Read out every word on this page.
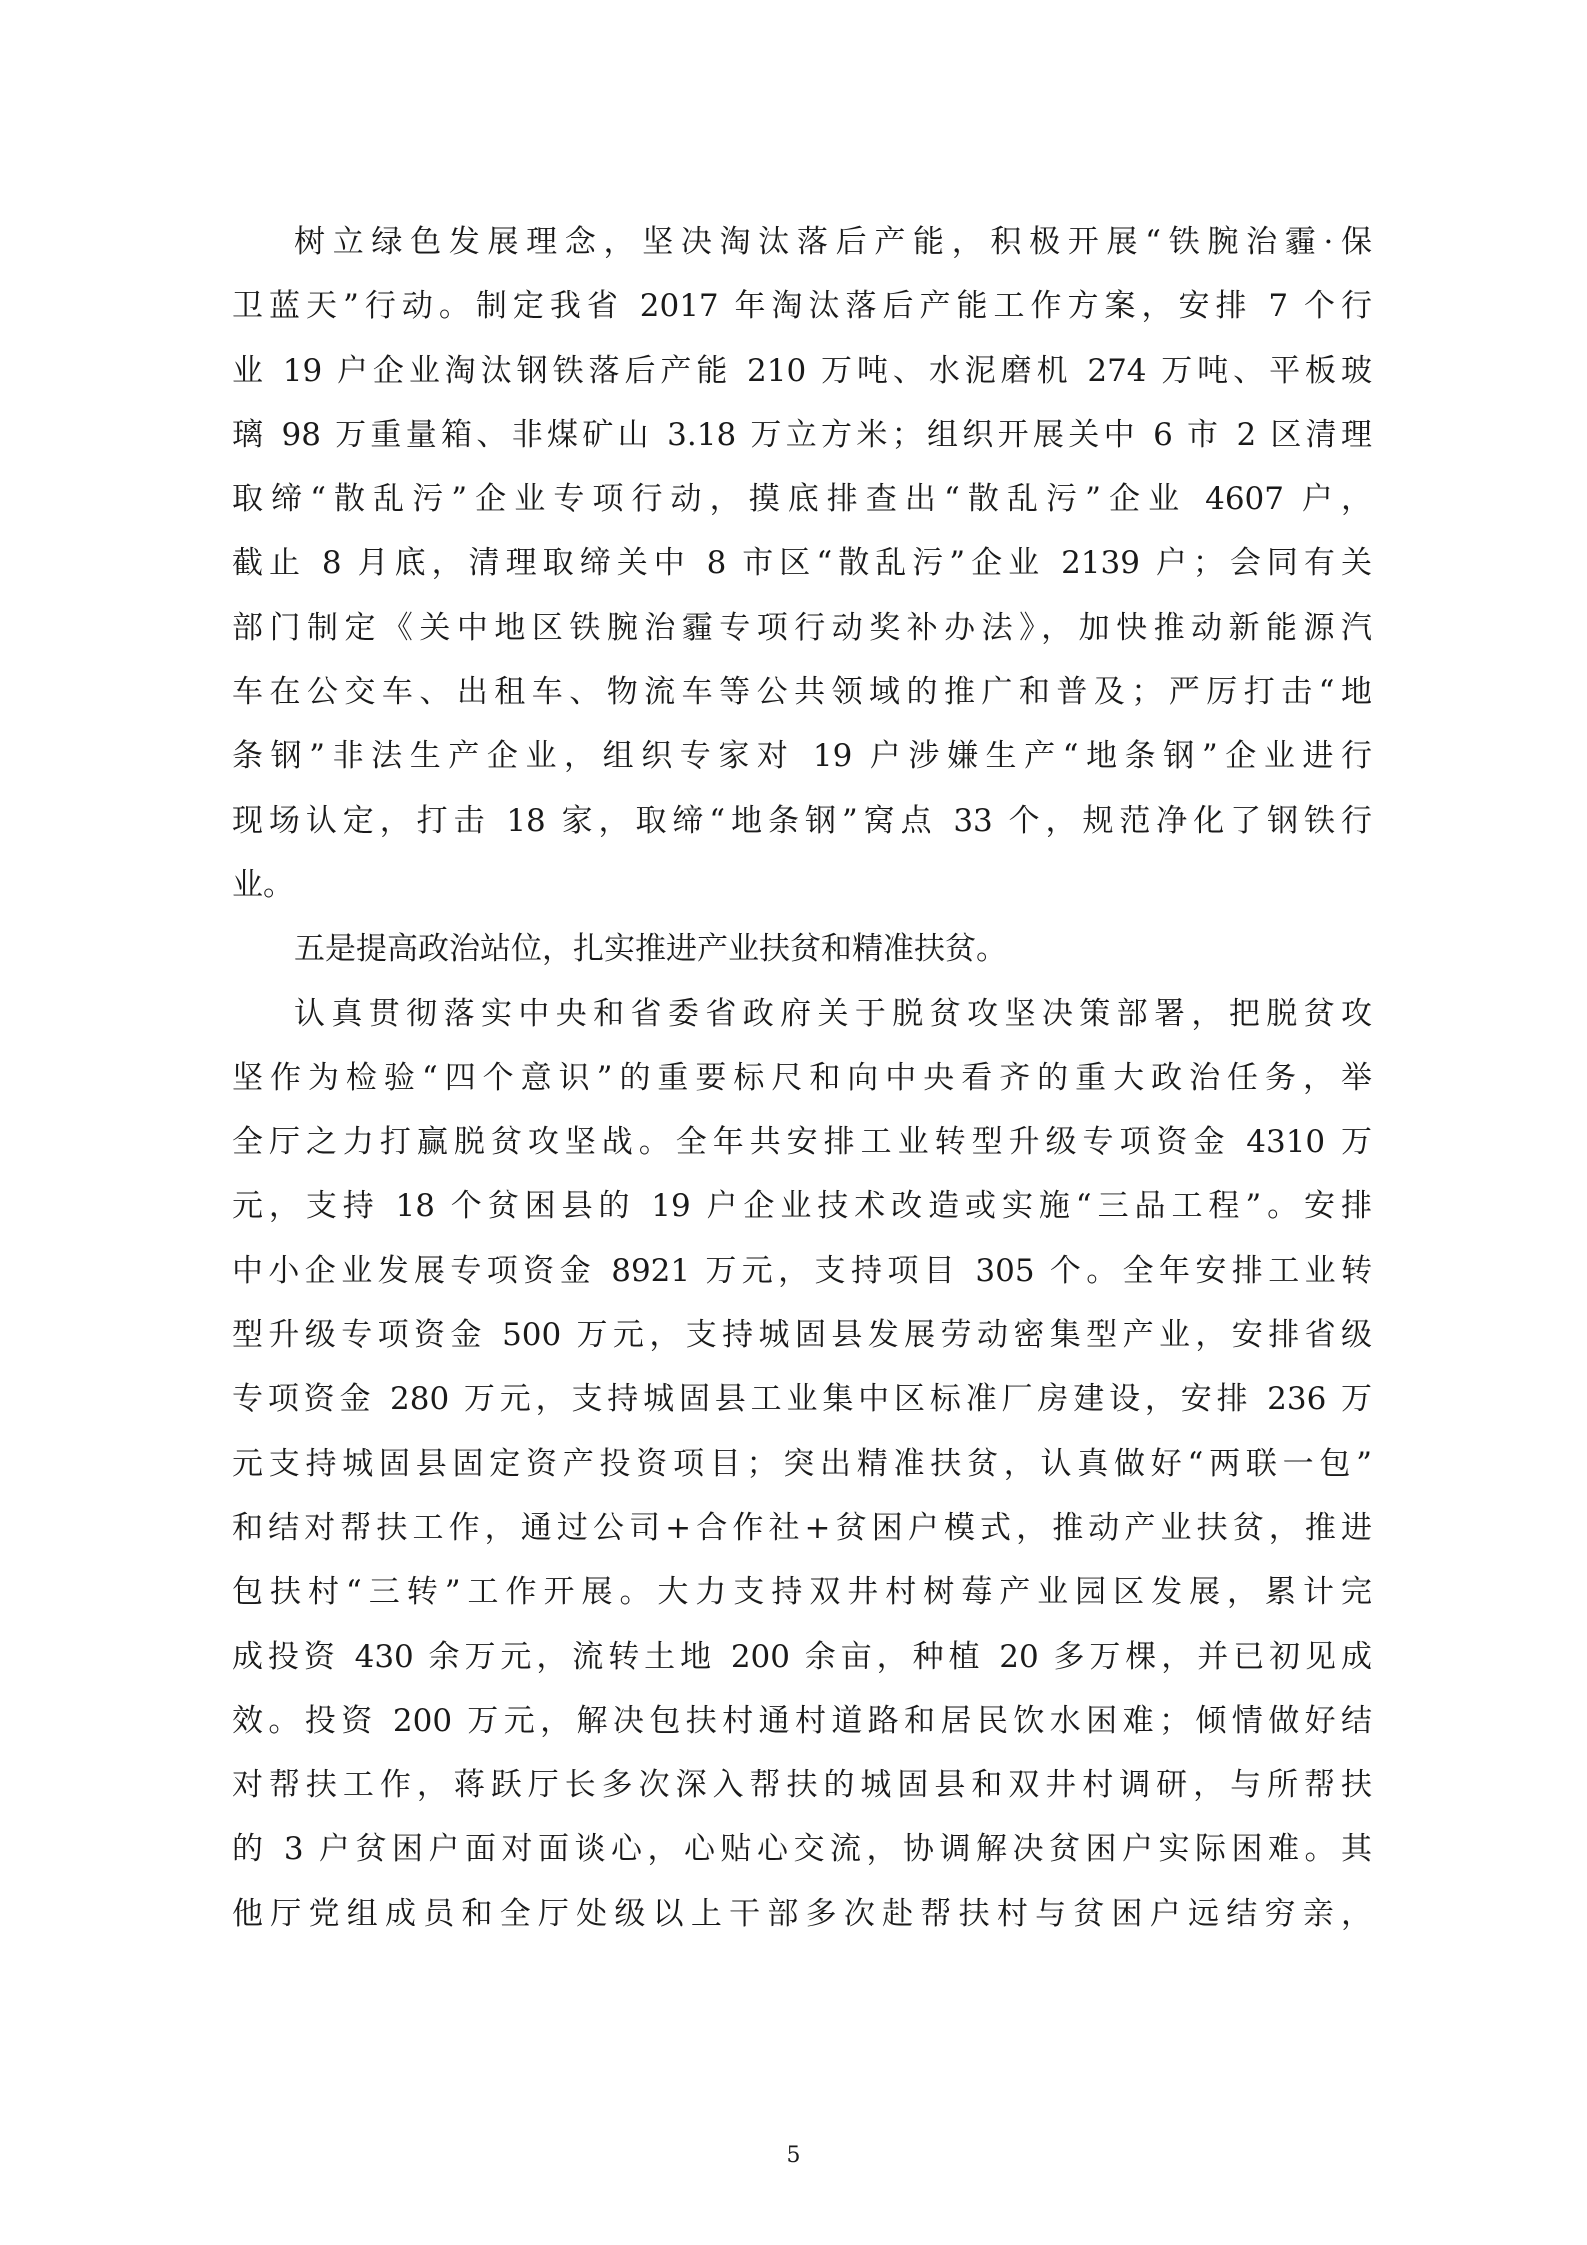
树立绿色发展理念，坚决淘汰落后产能，积极开展“铁腕治霾·保
卫蓝天”行动。制定我省 2017 年淘汰落后产能工作方案，安排 7 个行
业 19 户企业淘汰钢铁落后产能 210 万吨、水泥磨机 274 万吨、平板玻
璃 98 万重量箱、非煤矿山 3.18 万立方米；组织开展关中 6 市 2 区清理
取缔“散乱污”企业专项行动，摸底排查出“散乱污”企业 4607 户，
截止 8 月底，清理取缔关中 8 市区“散乱污”企业 2139 户；会同有关
部门制定《关中地区铁腕治霾专项行动奖补办法》，加快推动新能源汽
车在公交车、出租车、物流车等公共领域的推广和普及；严厉打击“地
条钢”非法生产企业，组织专家对 19 户涉嫌生产“地条钢”企业进行
现场认定，打击 18 家，取缔“地条钢”窝点 33 个，规范净化了钢铁行
业。
五是提高政治站位，扎实推进产业扶贫和精准扶贫。
认真贯彻落实中央和省委省政府关于脱贫攻坚决策部署，把脱贫攻
坚作为检验“四个意识”的重要标尺和向中央看齐的重大政治任务，举
全厅之力打赢脱贫攻坚战。全年共安排工业转型升级专项资金 4310 万
元，支持 18 个贫困县的 19 户企业技术改造或实施“三品工程”。安排
中小企业发展专项资金 8921 万元，支持项目 305 个。全年安排工业转
型升级专项资金 500 万元，支持城固县发展劳动密集型产业，安排省级
专项资金 280 万元，支持城固县工业集中区标准厂房建设，安排 236 万
元支持城固县固定资产投资项目；突出精准扶贫，认真做好“两联一包”
和结对帮扶工作，通过公司+合作社+贫困户模式，推动产业扶贫，推进
包扶村“三转”工作开展。大力支持双井村树莓产业园区发展，累计完
成投资 430 余万元，流转土地 200 余亩，种植 20 多万棵，并已初见成
效。投资 200 万元，解决包扶村通村道路和居民饮水困难；倾情做好结
对帮扶工作，蒋跃厅长多次深入帮扶的城固县和双井村调研，与所帮扶
的 3 户贫困户面对面谈心，心贴心交流，协调解决贫困户实际困难。其
他厅党组成员和全厅处级以上干部多次赴帮扶村与贫困户远结穷亲，
5
